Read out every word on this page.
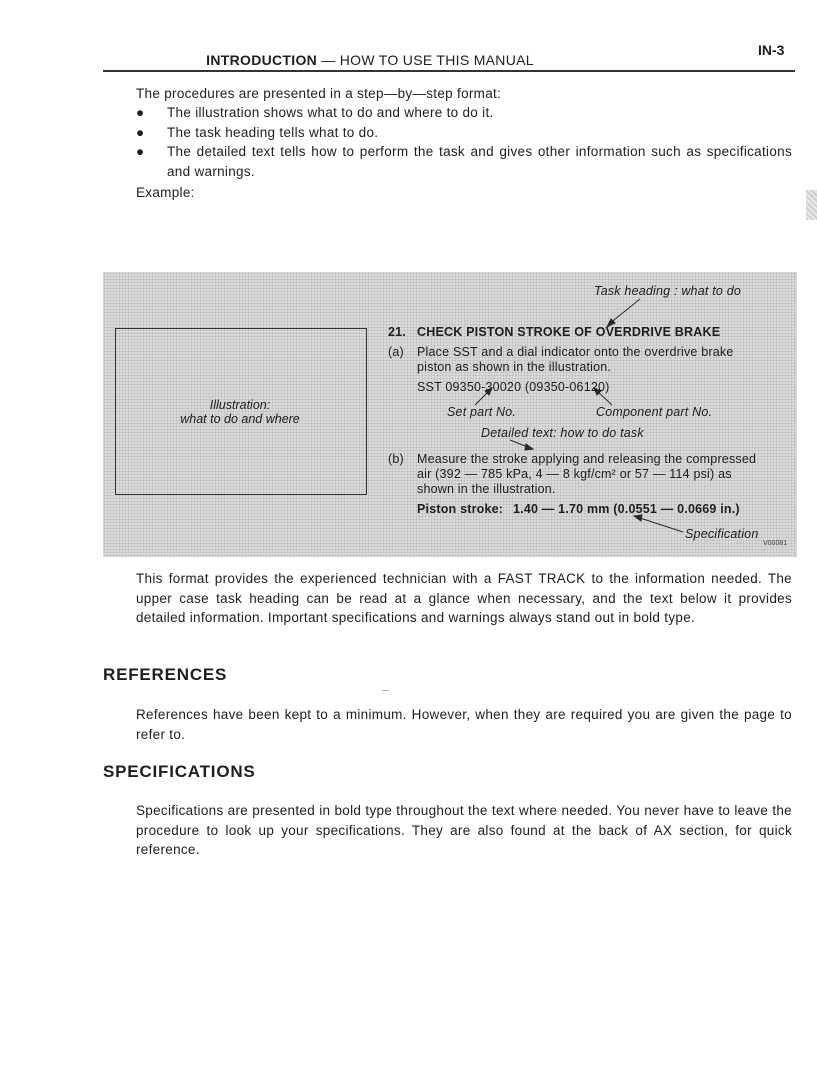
INTRODUCTION — HOW TO USE THIS MANUAL
IN-3
The procedures are presented in a step—by—step format:
● The illustration shows what to do and where to do it.
● The task heading tells what to do.
● The detailed text tells how to perform the task and gives other information such as specifications and warnings.
Example:
Illustration:
what to do and where
Task heading : what to do
21. CHECK PISTON STROKE OF OVERDRIVE BRAKE
(a) Place SST and a dial indicator onto the overdrive brake
piston as shown in the illustration.
SST 09350-30020 (09350-06120)
Set part No.	Component part No.
Detailed text: how to do task
(b) Measure the stroke applying and releasing the compressed
air (392 — 785 kPa, 4 — 8 kgf/cm² or 57 — 114 psi) as
shown in the illustration.
Piston stroke: 1.40 — 1.70 mm (0.0551 — 0.0669 in.)
Specification
V00081
This format provides the experienced technician with a FAST TRACK to the information needed. The upper case task heading can be read at a glance when necessary, and the text below it provides detailed information. Important specifications and warnings always stand out in bold type.
REFERENCES
References have been kept to a minimum. However, when they are required you are given the page to refer to.
SPECIFICATIONS
Specifications are presented in bold type throughout the text where needed. You never have to leave the procedure to look up your specifications. They are also found at the back of AX section, for quick reference.
